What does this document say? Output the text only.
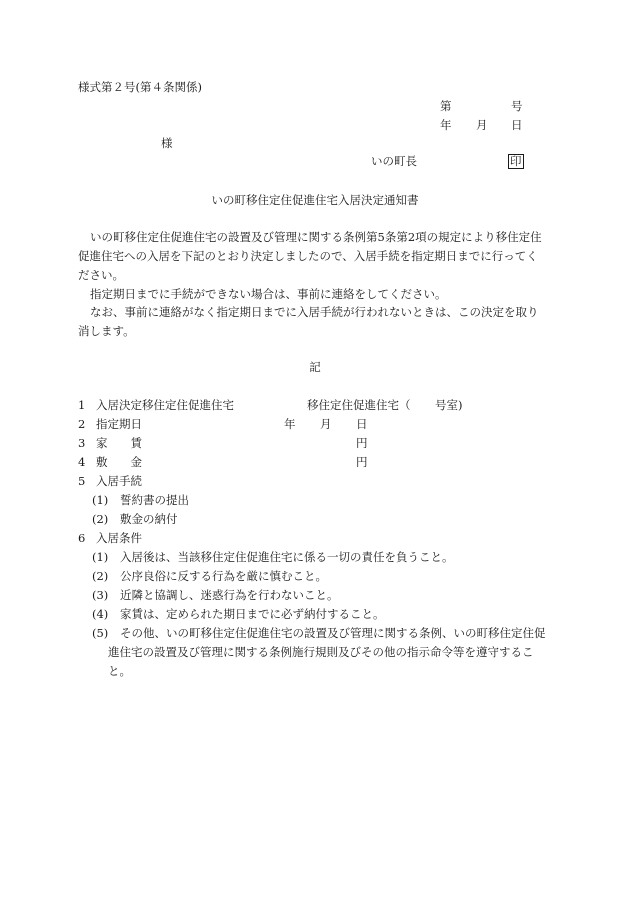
様式第２号(第４条関係)
第	号
年 月 日
様
いの町長	印
いの町移住定住促進住宅入居決定通知書
いの町移住定住促進住宅の設置及び管理に関する条例第5条第2項の規定により移住定住促進住宅への入居を下記のとおり決定しましたので、入居手続を指定期日までに行ってください。
指定期日までに手続ができない場合は、事前に連絡をしてください。
なお、事前に連絡がなく指定期日までに入居手続が行われないときは、この決定を取り消します。
記
1 入居決定移住定住促進住宅	移住定住促進住宅（ 号室)
2 指定期日	年 月 日
3 家　　賃	円
4 敷　　金	円
5 入居手続
(1) 誓約書の提出
(2) 敷金の納付
6 入居条件
(1) 入居後は、当該移住定住促進住宅に係る一切の責任を負うこと。
(2) 公序良俗に反する行為を厳に慎むこと。
(3) 近隣と協調し、迷惑行為を行わないこと。
(4) 家賃は、定められた期日までに必ず納付すること。
(5)	その他、いの町移住定住促進住宅の設置及び管理に関する条例、いの町移住定住促進住宅の設置及び管理に関する条例施行規則及びその他の指示命令等を遵守すること。
